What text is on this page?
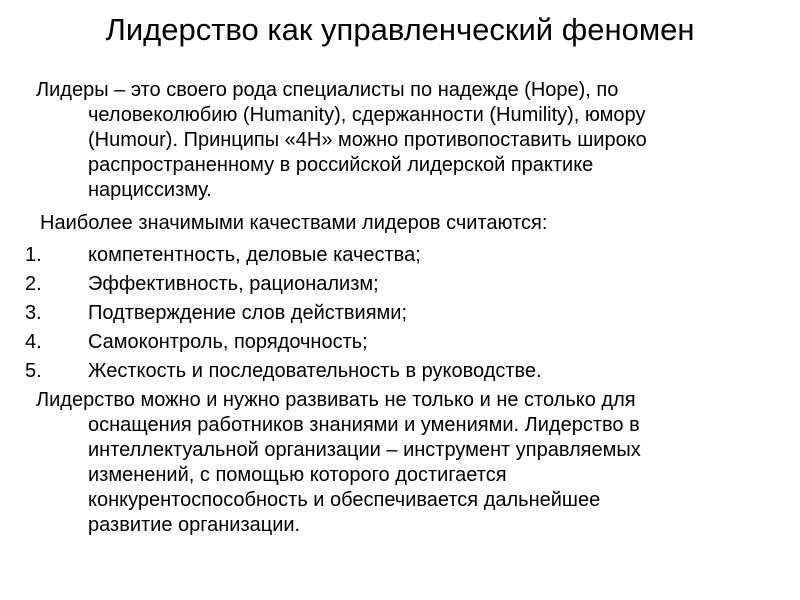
Лидерство как управленческий феномен
Лидеры – это своего рода специалисты по надежде (Hope), по
человеколюбию (Humanity), сдержанности (Humility), юмору
(Humour). Принципы «4H» можно противопоставить широко
распространенному в российской лидерской практике
нарциссизму.
Наиболее значимыми качествами лидеров считаются:
1. компетентность, деловые качества;
2. Эффективность, рационализм;
3. Подтверждение слов действиями;
4. Самоконтроль, порядочность;
5. Жесткость и последовательность в руководстве.
Лидерство можно и нужно развивать не только и не столько для
оснащения работников знаниями и умениями. Лидерство в
интеллектуальной организации – инструмент управляемых
изменений, с помощью которого достигается
конкурентоспособность и обеспечивается дальнейшее
развитие организации.
